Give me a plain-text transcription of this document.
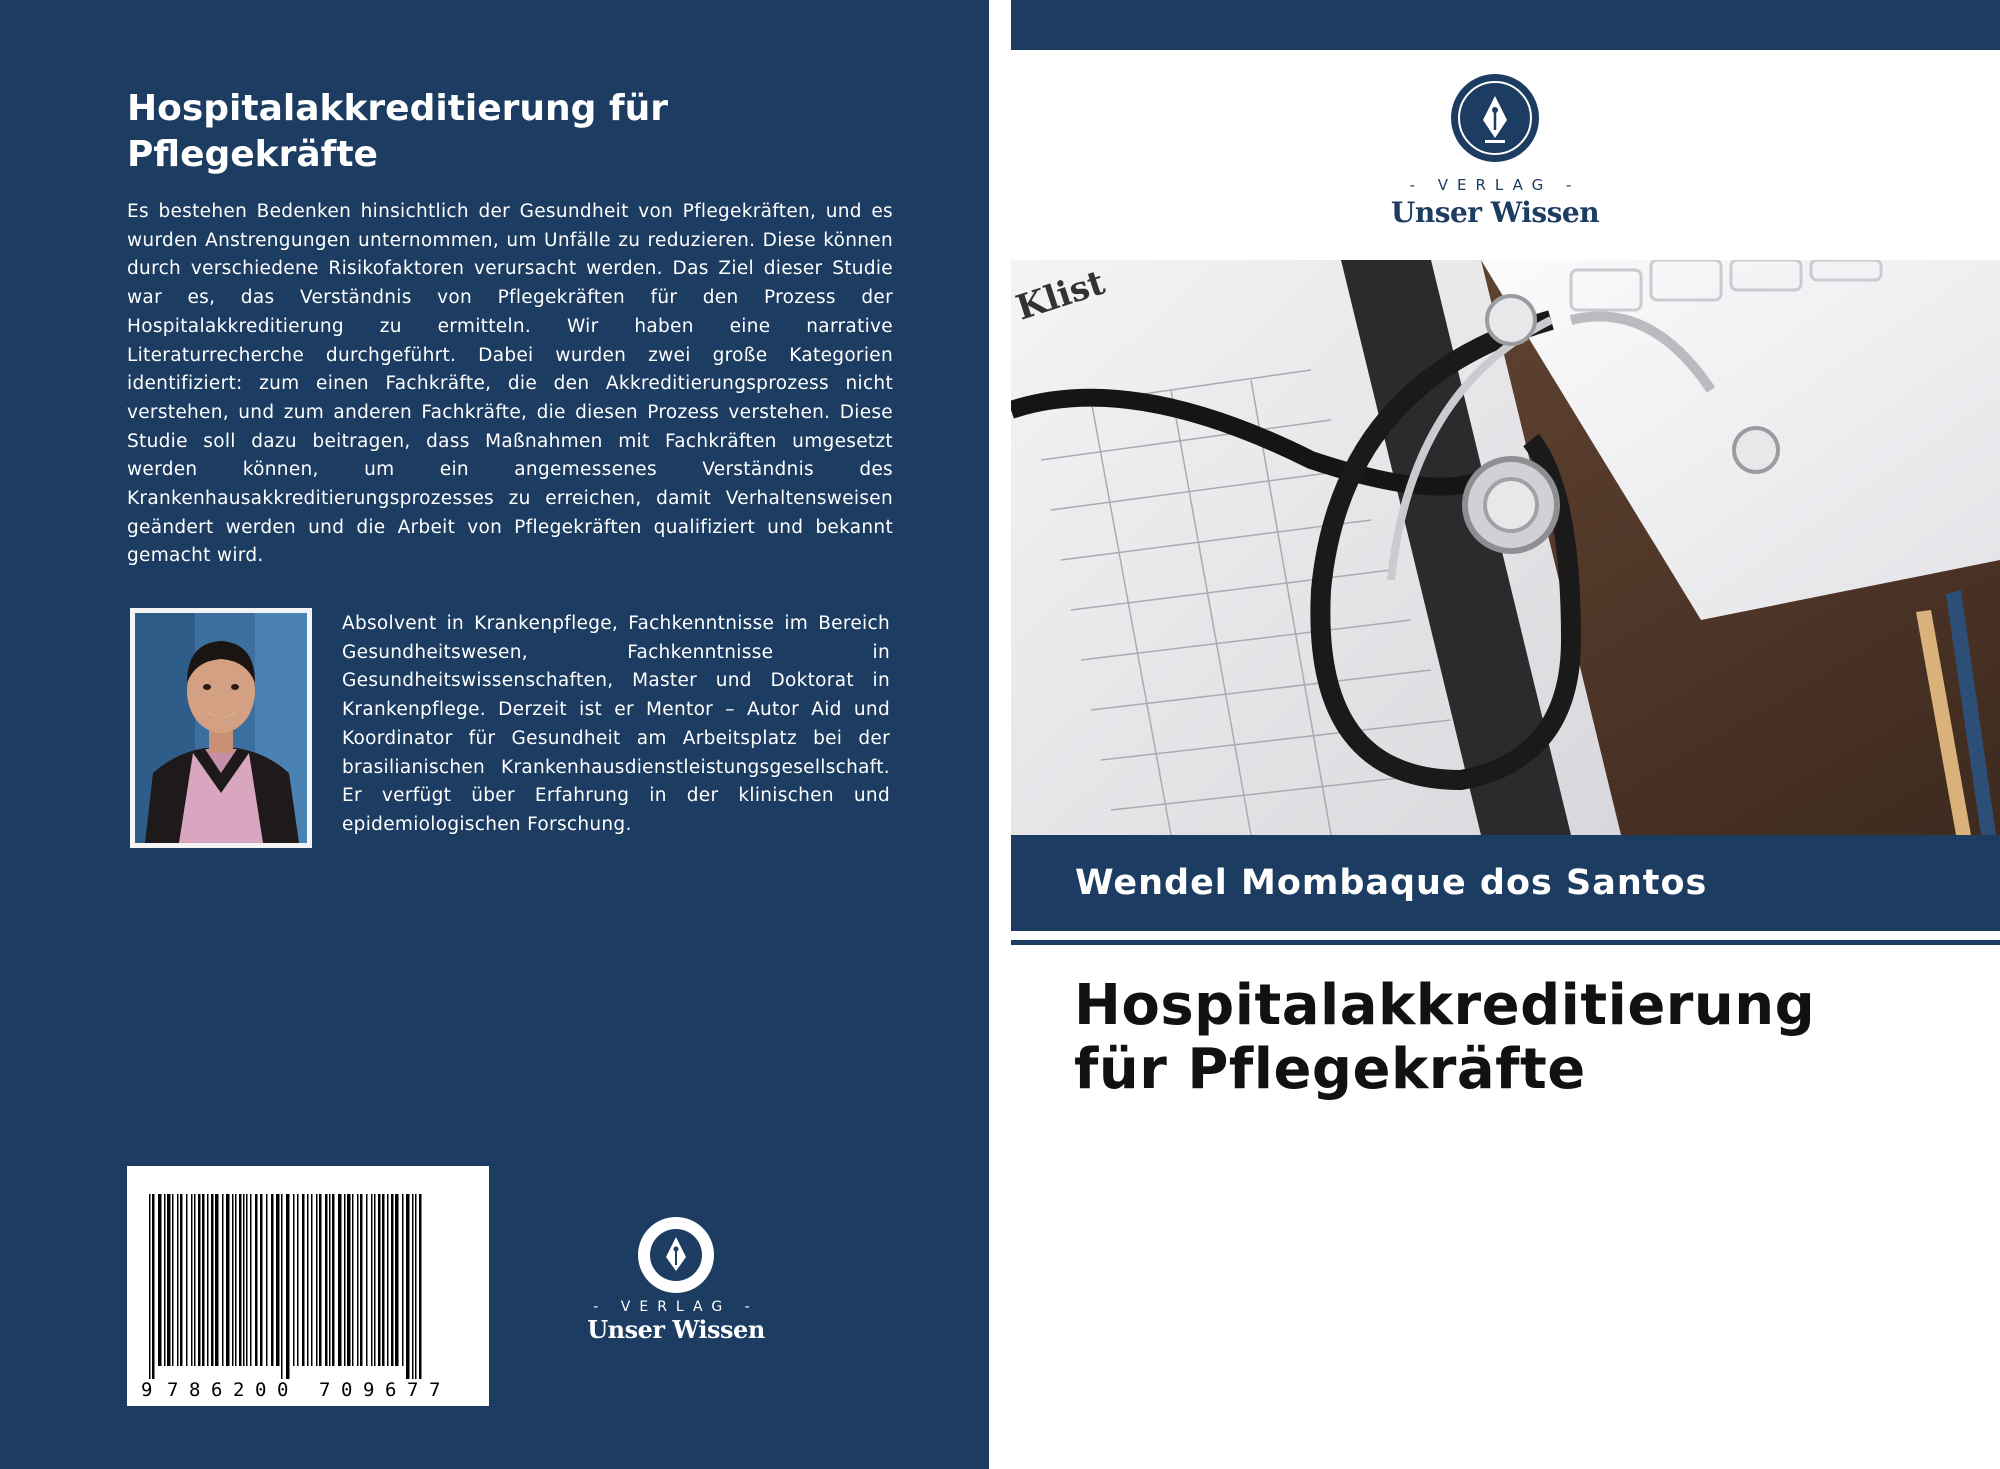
Hospitalakkreditierung für
Pflegekräfte

Es bestehen Bedenken hinsichtlich der Gesundheit von Pflegekräften, und es wurden Anstrengungen unternommen, um Unfälle zu reduzieren. Diese können durch verschiedene Risikofaktoren verursacht werden. Das Ziel dieser Studie war es, das Verständnis von Pflegekräften für den Prozess der Hospitalakkreditierung zu ermitteln. Wir haben eine narrative Literaturrecherche durchgeführt. Dabei wurden zwei große Kategorien identifiziert: zum einen Fachkräfte, die den Akkreditierungsprozess nicht verstehen, und zum anderen Fachkräfte, die diesen Prozess verstehen. Diese Studie soll dazu beitragen, dass Maßnahmen mit Fachkräften umgesetzt werden können, um ein angemessenes Verständnis des Krankenhausakkreditierungsprozesses zu erreichen, damit Verhaltensweisen geändert werden und die Arbeit von Pflegekräften qualifiziert und bekannt gemacht wird.

Absolvent in Krankenpflege, Fachkenntnisse im Bereich Gesundheitswesen, Fachkenntnisse in Gesundheitswissenschaften, Master und Doktorat in Krankenpflege. Derzeit ist er Mentor – Autor Aid und Koordinator für Gesundheit am Arbeitsplatz bei der brasilianischen Krankenhausdienstleistungsgesellschaft. Er verfügt über Erfahrung in der klinischen und epidemiologischen Forschung.

9 7 8 6 2 0 0 7 0 9 6 7 7
- VERLAG -
Unser Wissen
- VERLAG -
Unser Wissen
Klist
Wendel Mombaque dos Santos
Hospitalakkreditierung
für Pflegekräfte
